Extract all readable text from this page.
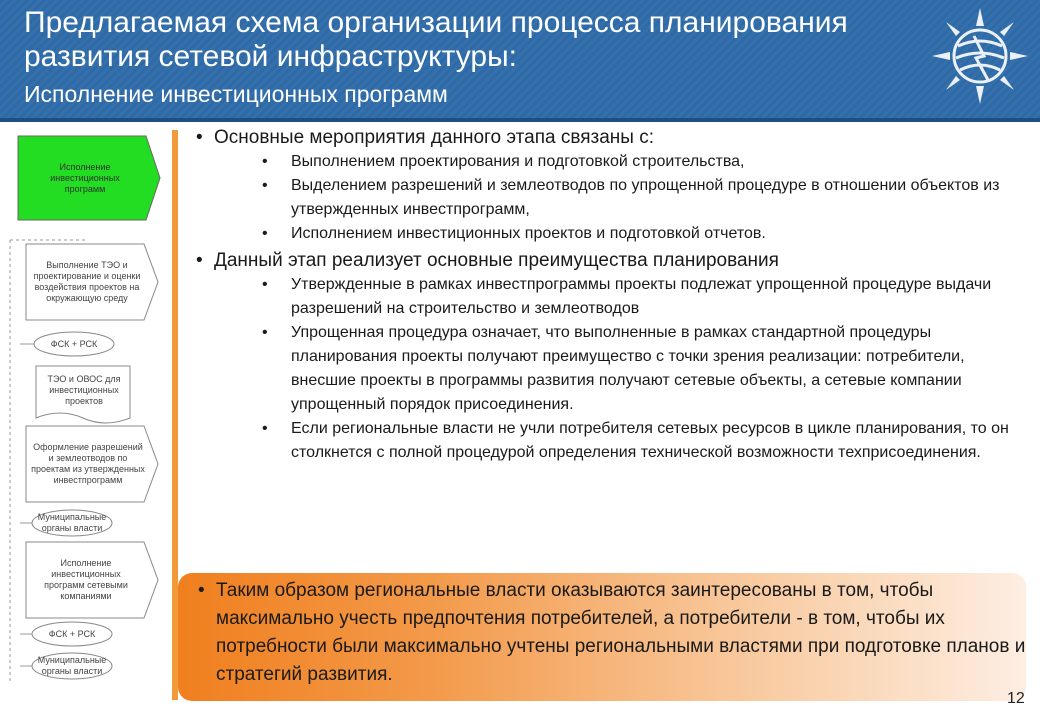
Предлагаемая схема организации процесса планирования развития сетевой инфраструктуры:
Исполнение инвестиционных программ
Исполнение инвестиционных программ
Выполнение ТЭО и проектирование и оценки воздействия проектов на окружающую среду
ФСК + РСК
ТЭО и ОВОС для инвестиционных проектов
Оформление разрешений и землеотводов по проектам из утвержденных инвестпрограмм
Муниципальные органы власти
Исполнение инвестиционных программ сетевыми компаниями
ФСК + РСК
Муниципальные органы власти
• Основные мероприятия данного этапа связаны с:
• Выполнением проектирования и подготовкой строительства,
• Выделением разрешений и землеотводов по упрощенной процедуре в отношении объектов из утвержденных инвестпрограмм,
• Исполнением инвестиционных проектов и подготовкой отчетов.
• Данный этап реализует основные преимущества планирования
• Утвержденные в рамках инвестпрограммы проекты подлежат упрощенной процедуре выдачи разрешений на строительство и землеотводов
• Упрощенная процедура означает, что выполненные в рамках стандартной процедуры планирования проекты получают преимущество с точки зрения реализации: потребители, внесшие проекты в программы развития получают сетевые объекты, а сетевые компании упрощенный порядок присоединения.
• Если региональные власти не учли потребителя сетевых ресурсов в цикле планирования, то он столкнется с полной процедурой определения технической возможности техприсоединения.
• Таким образом региональные власти оказываются заинтересованы в том, чтобы максимально учесть предпочтения потребителей, а потребители - в том, чтобы их потребности были максимально учтены региональными властями при подготовке планов и стратегий развития.
12
